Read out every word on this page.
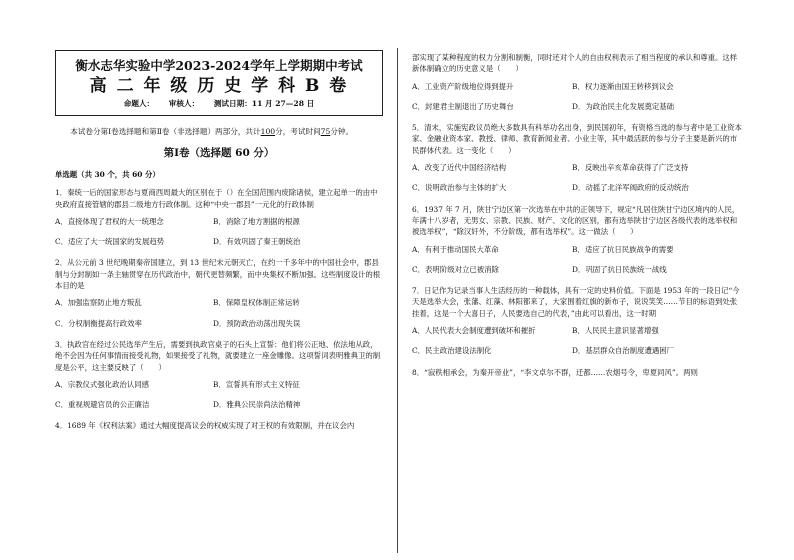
衡水志华实验中学2023-2024学年上学期期中考试
高 二 年 级 历 史 学 科 B 卷
命题人： 审核人： 测试日期：11 月 27—28 日

本试卷分第Ⅰ卷选择题和第Ⅱ卷（非选择题）两部分，共计100分，考试时间75分钟。

第Ⅰ卷（选择题 60 分）
单选题（共 30 个，共 60 分）

1．秦统一后的国家形态与夏商西周最大的区别在于（）在全国范围内废除诸侯，建立起单一的由中央政府直接管辖的郡县二级地方行政体制。这种“中央一郡县”一元化的行政体制

A．直接体现了君权的大一统理念	B．消除了地方割据的根源
C．适应了大一统国家的发展趋势	D．有效巩固了秦王朝统治

2．从公元前 3 世纪晚期秦帝国建立，到 13 世纪末元朝灭亡，在约一千多年中的中国社会中，郡县制与分封制如一条主轴贯穿在历代政治中，朝代更替频繁，而中央集权不断加强。这些制度设计的根本目的是

A．加强监察防止地方叛乱	B．保障皇权体制正常运转
C．分权制衡提高行政效率	D．预防政治动荡出现失误

3．执政官在经过公民选举产生后，需要到执政官桌子的石头上宣誓：他们将公正地、依法地从政，绝不会因为任何事情而接受礼物，如果接受了礼物，就要建立一座金雕像。这项誓词表明雅典卫的制度是公平，这主要反映了（　　）

A．宗教仪式强化政治认同感	B．宣誓具有形式主义特征
C．重视规避官员的公正廉洁	D．雅典公民崇尚法治精神

4．1689 年《权利法案》通过大幅度提高议会的权威实现了对王权的有效限制，并在议会内

部实现了某种程度的权力分割和制衡，同时还对个人的自由权利表示了相当程度的承认和尊重。这样新体制确立的历史意义是（　　）

A．工业资产阶级地位得到提升	B．权力逐渐由国王转移到议会
C．封建君主制退出了历史舞台	D．为政治民主化发展奠定基础

5．清末，实施宪政议员绝大多数具有科举功名出身，到民国初年，有资格当选的参与者中是工业资本家、金融业资本家、教授、律师、教育新闻业者、小业主等，其中最活跃的参与分子主要是新兴的市民群体代表。这一变化（　　）

A．改变了近代中国经济结构	B．反映出辛亥革命获得了广泛支持
C．说明政治参与主体的扩大	D．动摇了北洋军阀政府的反动统治

6．1937 年 7 月，陕甘宁边区第一次选举在中共的正领导下，规定“凡居住陕甘宁边区境内的人民，年满十八岁者，无男女、宗教、民族、财产、文化的区别，都有选举陕甘宁边区各级代表的选举权和被选举权”，“除汉奸外，不分阶级，都有选举权”。这一做法（　　）

A．有利于推动国民大革命	B．适应了抗日民族战争的需要
C．表明阶级对立已被消除	D．巩固了抗日民族统一战线

7．日记作为记录当事人生活经历的一种载体，具有一定的史料价值。下面是 1953 年的一段日记“今天是选举大会，张藩、红藻、林阳都来了，大家围着红旗的新布子，说说笑笑……节目的标语到处张挂着，这是一个大喜日子，人民要选自己的代表，”由此可以看出，这一时期

A．人民代表大会制度遭到破坏和摧折	B．人民民主意识显著增强
C．民主政治建设法制化	D．基层群众自治制度遭遇困厂

8．“寂秩相承会，为秦开帝业”，“李文卓尔不群，迁都……农烟号令，卑夏同风”。两则
